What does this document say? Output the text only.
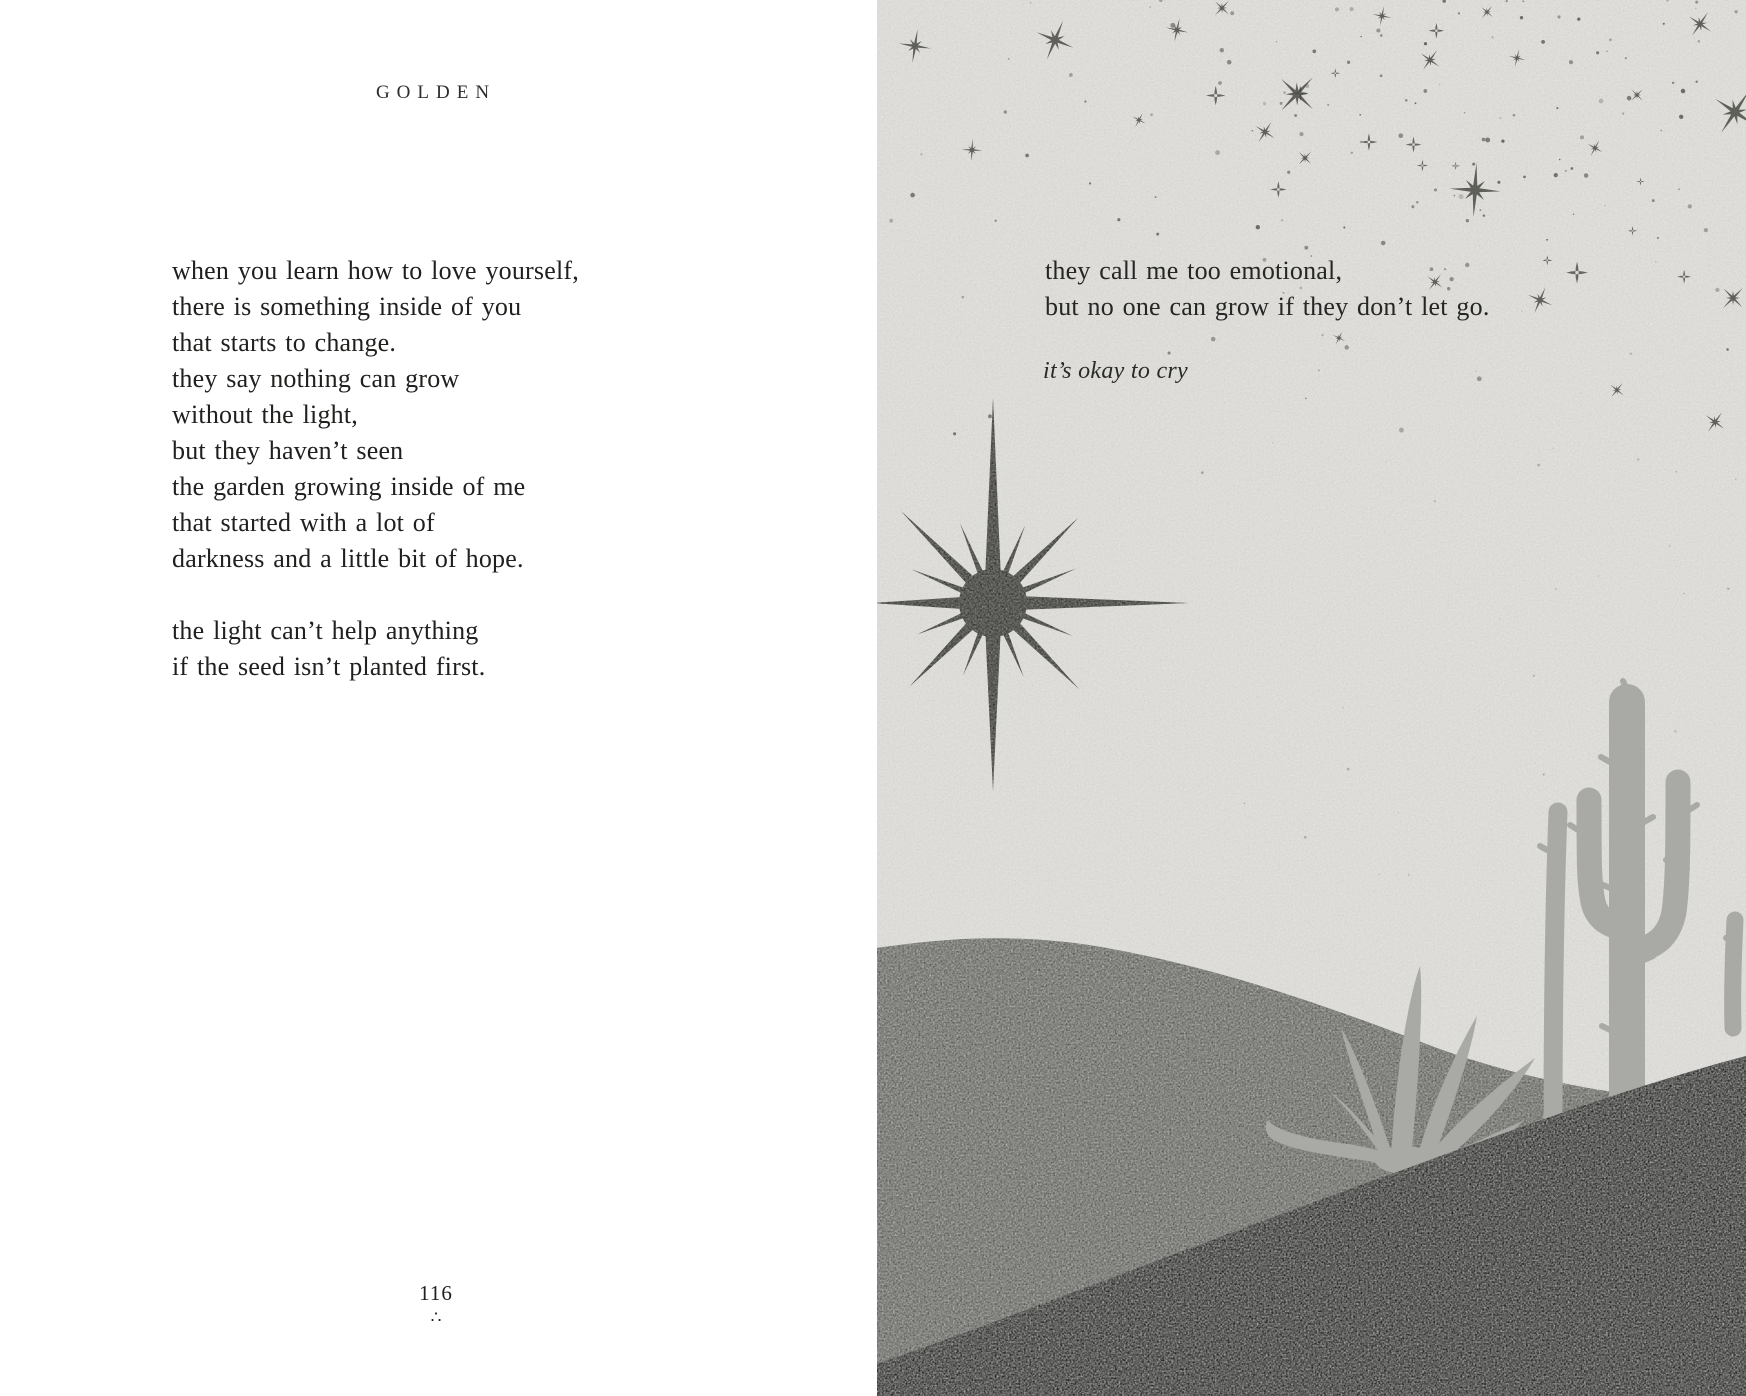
GOLDEN
when you learn how to love yourself,
there is something inside of you
that starts to change.
they say nothing can grow
without the light,
but they haven’t seen
the garden growing inside of me
that started with a lot of
darkness and a little bit of hope.
the light can’t help anything
if the seed isn’t planted first.
116
∴
they call me too emotional,
but no one can grow if they don’t let go.
it’s okay to cry
